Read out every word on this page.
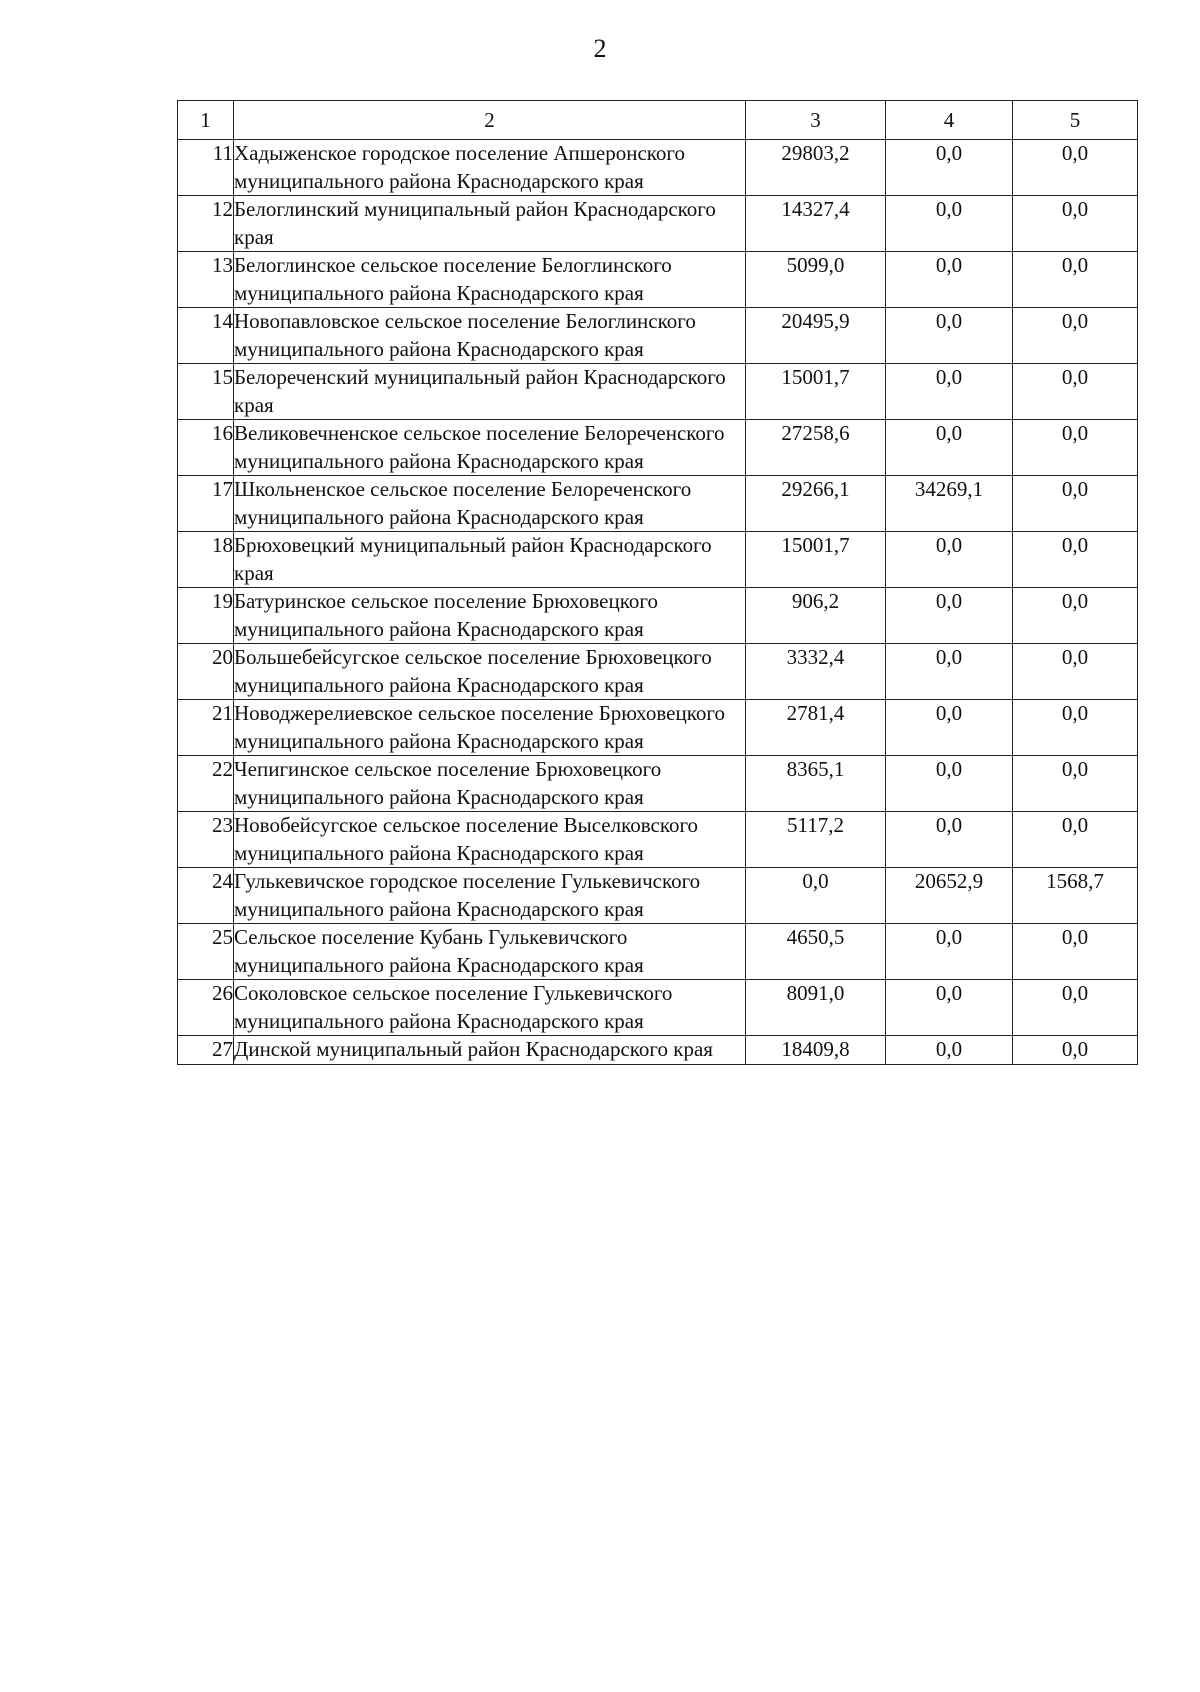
2
1	2	3	4	5
11	Хадыженское городское поселение Апшеронского муниципального района Краснодарского края	29803,2	0,0	0,0
12	Белоглинский муниципальный район Краснодарского края	14327,4	0,0	0,0
13	Белоглинское сельское поселение Белоглинского муниципального района Краснодарского края	5099,0	0,0	0,0
14	Новопавловское сельское поселение Белоглинского муниципального района Краснодарского края	20495,9	0,0	0,0
15	Белореченский муниципальный район Краснодарского края	15001,7	0,0	0,0
16	Великовечненское сельское поселение Белореченского муниципального района Краснодарского края	27258,6	0,0	0,0
17	Школьненское сельское поселение Белореченского муниципального района Краснодарского края	29266,1	34269,1	0,0
18	Брюховецкий муниципальный район Краснодарского края	15001,7	0,0	0,0
19	Батуринское сельское поселение Брюховецкого муниципального района Краснодарского края	906,2	0,0	0,0
20	Большебейсугское сельское поселение Брюховецкого муниципального района Краснодарского края	3332,4	0,0	0,0
21	Новоджерелиевское сельское поселение Брюховецкого муниципального района Краснодарского края	2781,4	0,0	0,0
22	Чепигинское сельское поселение Брюховецкого муниципального района Краснодарского края	8365,1	0,0	0,0
23	Новобейсугское сельское поселение Выселковского муниципального района Краснодарского края	5117,2	0,0	0,0
24	Гулькевичское городское поселение Гулькевичского муниципального района Краснодарского края	0,0	20652,9	1568,7
25	Сельское поселение Кубань Гулькевичского муниципального района Краснодарского края	4650,5	0,0	0,0
26	Соколовское сельское поселение Гулькевичского муниципального района Краснодарского края	8091,0	0,0	0,0
27	Динской муниципальный район Краснодарского края	18409,8	0,0	0,0
